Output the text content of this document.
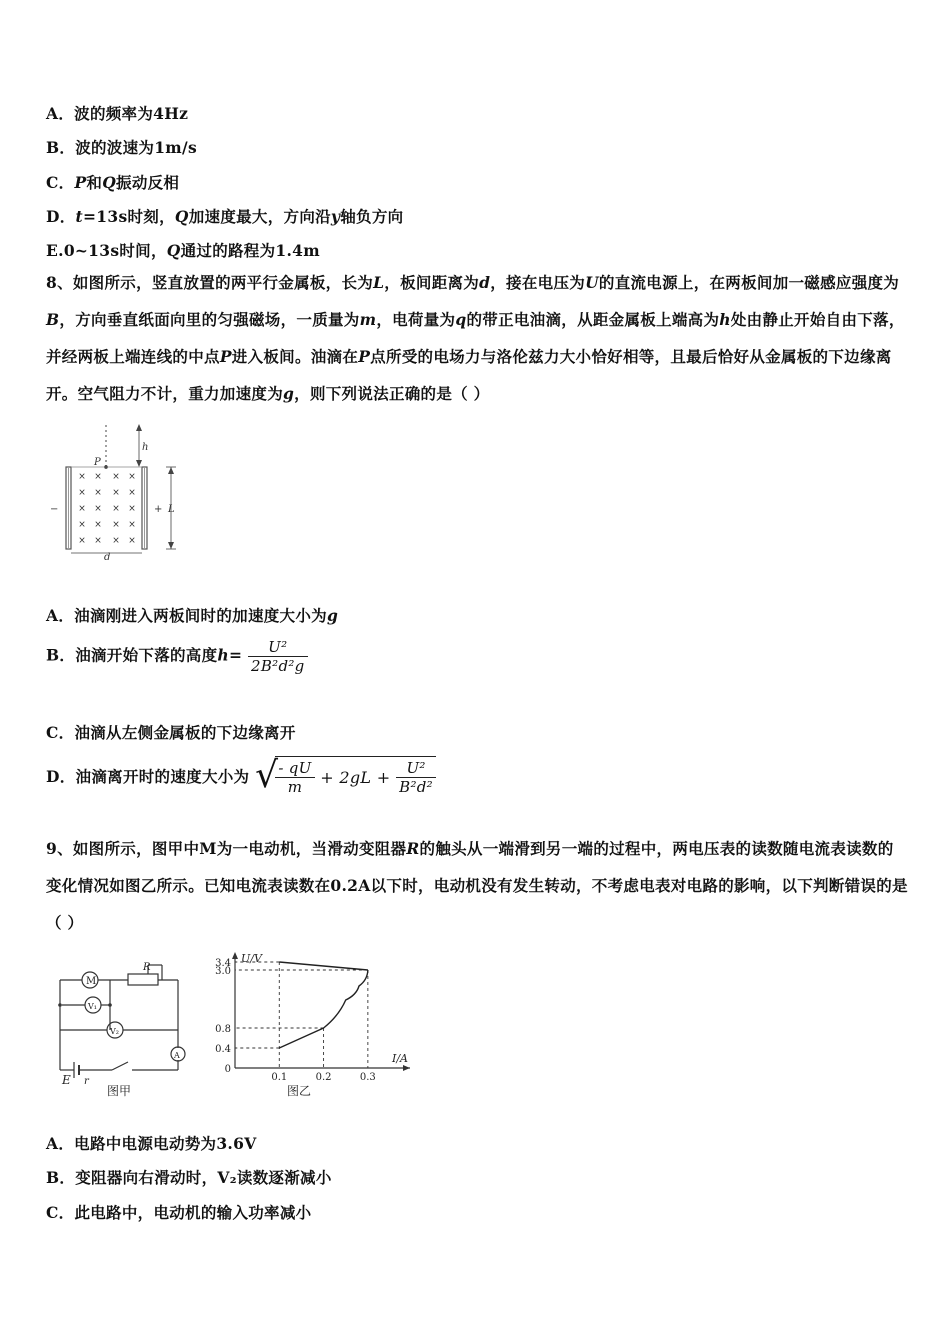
A．波的频率为4Hz
B．波的波速为1m/s
C．P和Q振动反相
D．t=13s时刻，Q加速度最大，方向沿y轴负方向
E.0~13s时间，Q通过的路程为1.4m
8、如图所示，竖直放置的两平行金属板，长为L，板间距离为d，接在电压为U的直流电源上，在两板间加一磁感应强度为B，方向垂直纸面向里的匀强磁场，一质量为m，电荷量为q的带正电油滴，从距金属板上端高为h处由静止开始自由下落，并经两板上端连线的中点P进入板间。油滴在P点所受的电场力与洛伦兹力大小恰好相等，且最后恰好从金属板的下边缘离开。空气阻力不计，重力加速度为g，则下列说法正确的是（ ）
× × × ×
× × × ×
× × × ×
× × × ×
× × × ×
−	+
h
P
L
d
A．油滴刚进入两板间时的加速度大小为g
B．油滴开始下落的高度$h= \frac{\text{U²}}{\text{2B²d²g}}$
C．油滴从左侧金属板的下边缘离开
D．油滴离开时的速度大小为 √
$\frac{- qU}{m} + 2gL + \frac{\text{U²}}{\text{B²d²}}$
9、如图所示，图甲中M为一电动机，当滑动变阻器R的触头从一端滑到另一端的过程中，两电压表的读数随电流表读数的变化情况如图乙所示。已知电流表读数在0.2A以下时，电动机没有发生转动，不考虑电表对电路的影响，以下判断错误的是（ ）
M
R
V₁
V₂
A
E r
图甲
U/V
I/A
图乙
0
0.4
0.8
3.0
3.4
0.1	0.2	0.3
A．电路中电源电动势为3.6V
B．变阻器向右滑动时，V₂读数逐渐减小
C．此电路中，电动机的输入功率减小
